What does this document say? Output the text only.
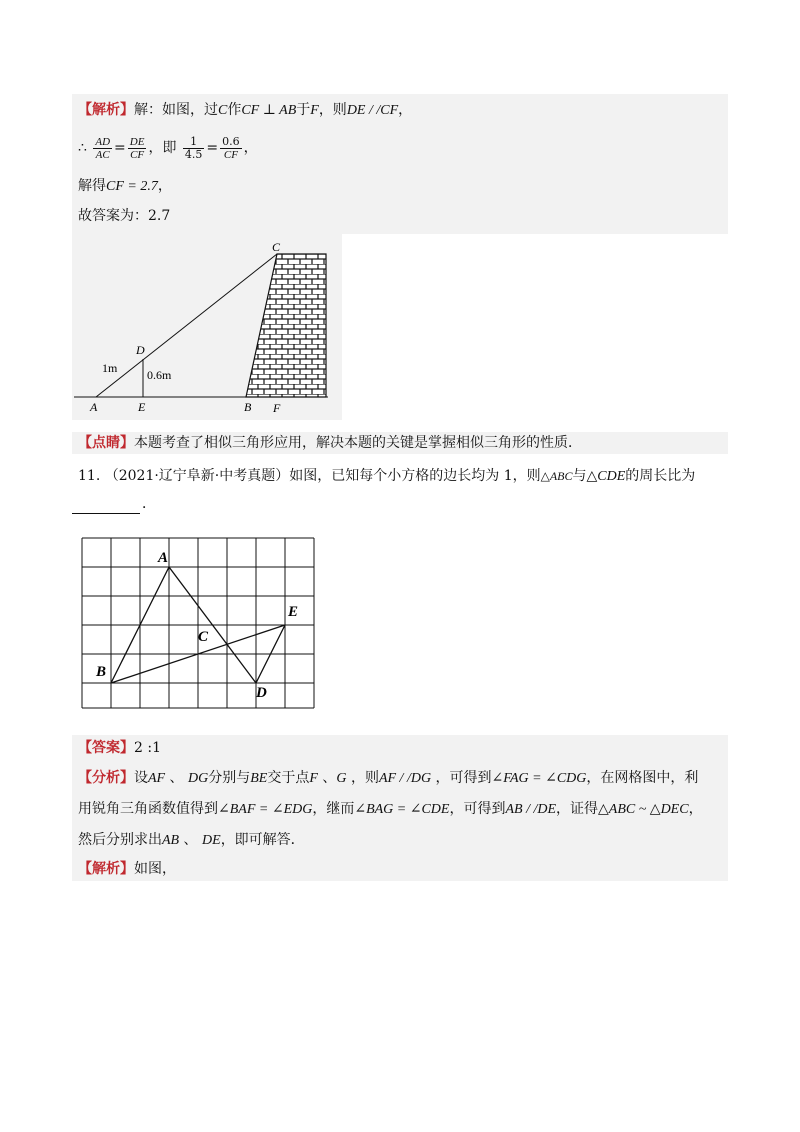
【解析】解：如图，过C作CF ⊥ AB于F，则DE / /CF，
∴ $\frac{AD}{AC} = \frac{DE}{CF}$ ，即 $\frac{1}{4.5} = \frac{0.6}{CF}$ ，
解得CF = 2.7，
故答案为：2.7
C
D
1m 0.6m
A	E	B F
【点睛】本题考查了相似三角形应用，解决本题的关键是掌握相似三角形的性质．
11. （2021·辽宁阜新·中考真题）如图，已知每个小方格的边长均为 1，则△ABC与△CDE的周长比为
．
A
B
C
D
E
【答案】2 :1
【分析】设AF 、 DG分别与BE交于点F 、G ，则AF / /DG ，可得到∠FAG = ∠CDG，在网格图中，利
用锐角三角函数值得到∠BAF = ∠EDG，继而∠BAG = ∠CDE，可得到AB / /DE，证得△ABC ~ △DEC，
然后分别求出AB 、 DE，即可解答．
【解析】如图，
